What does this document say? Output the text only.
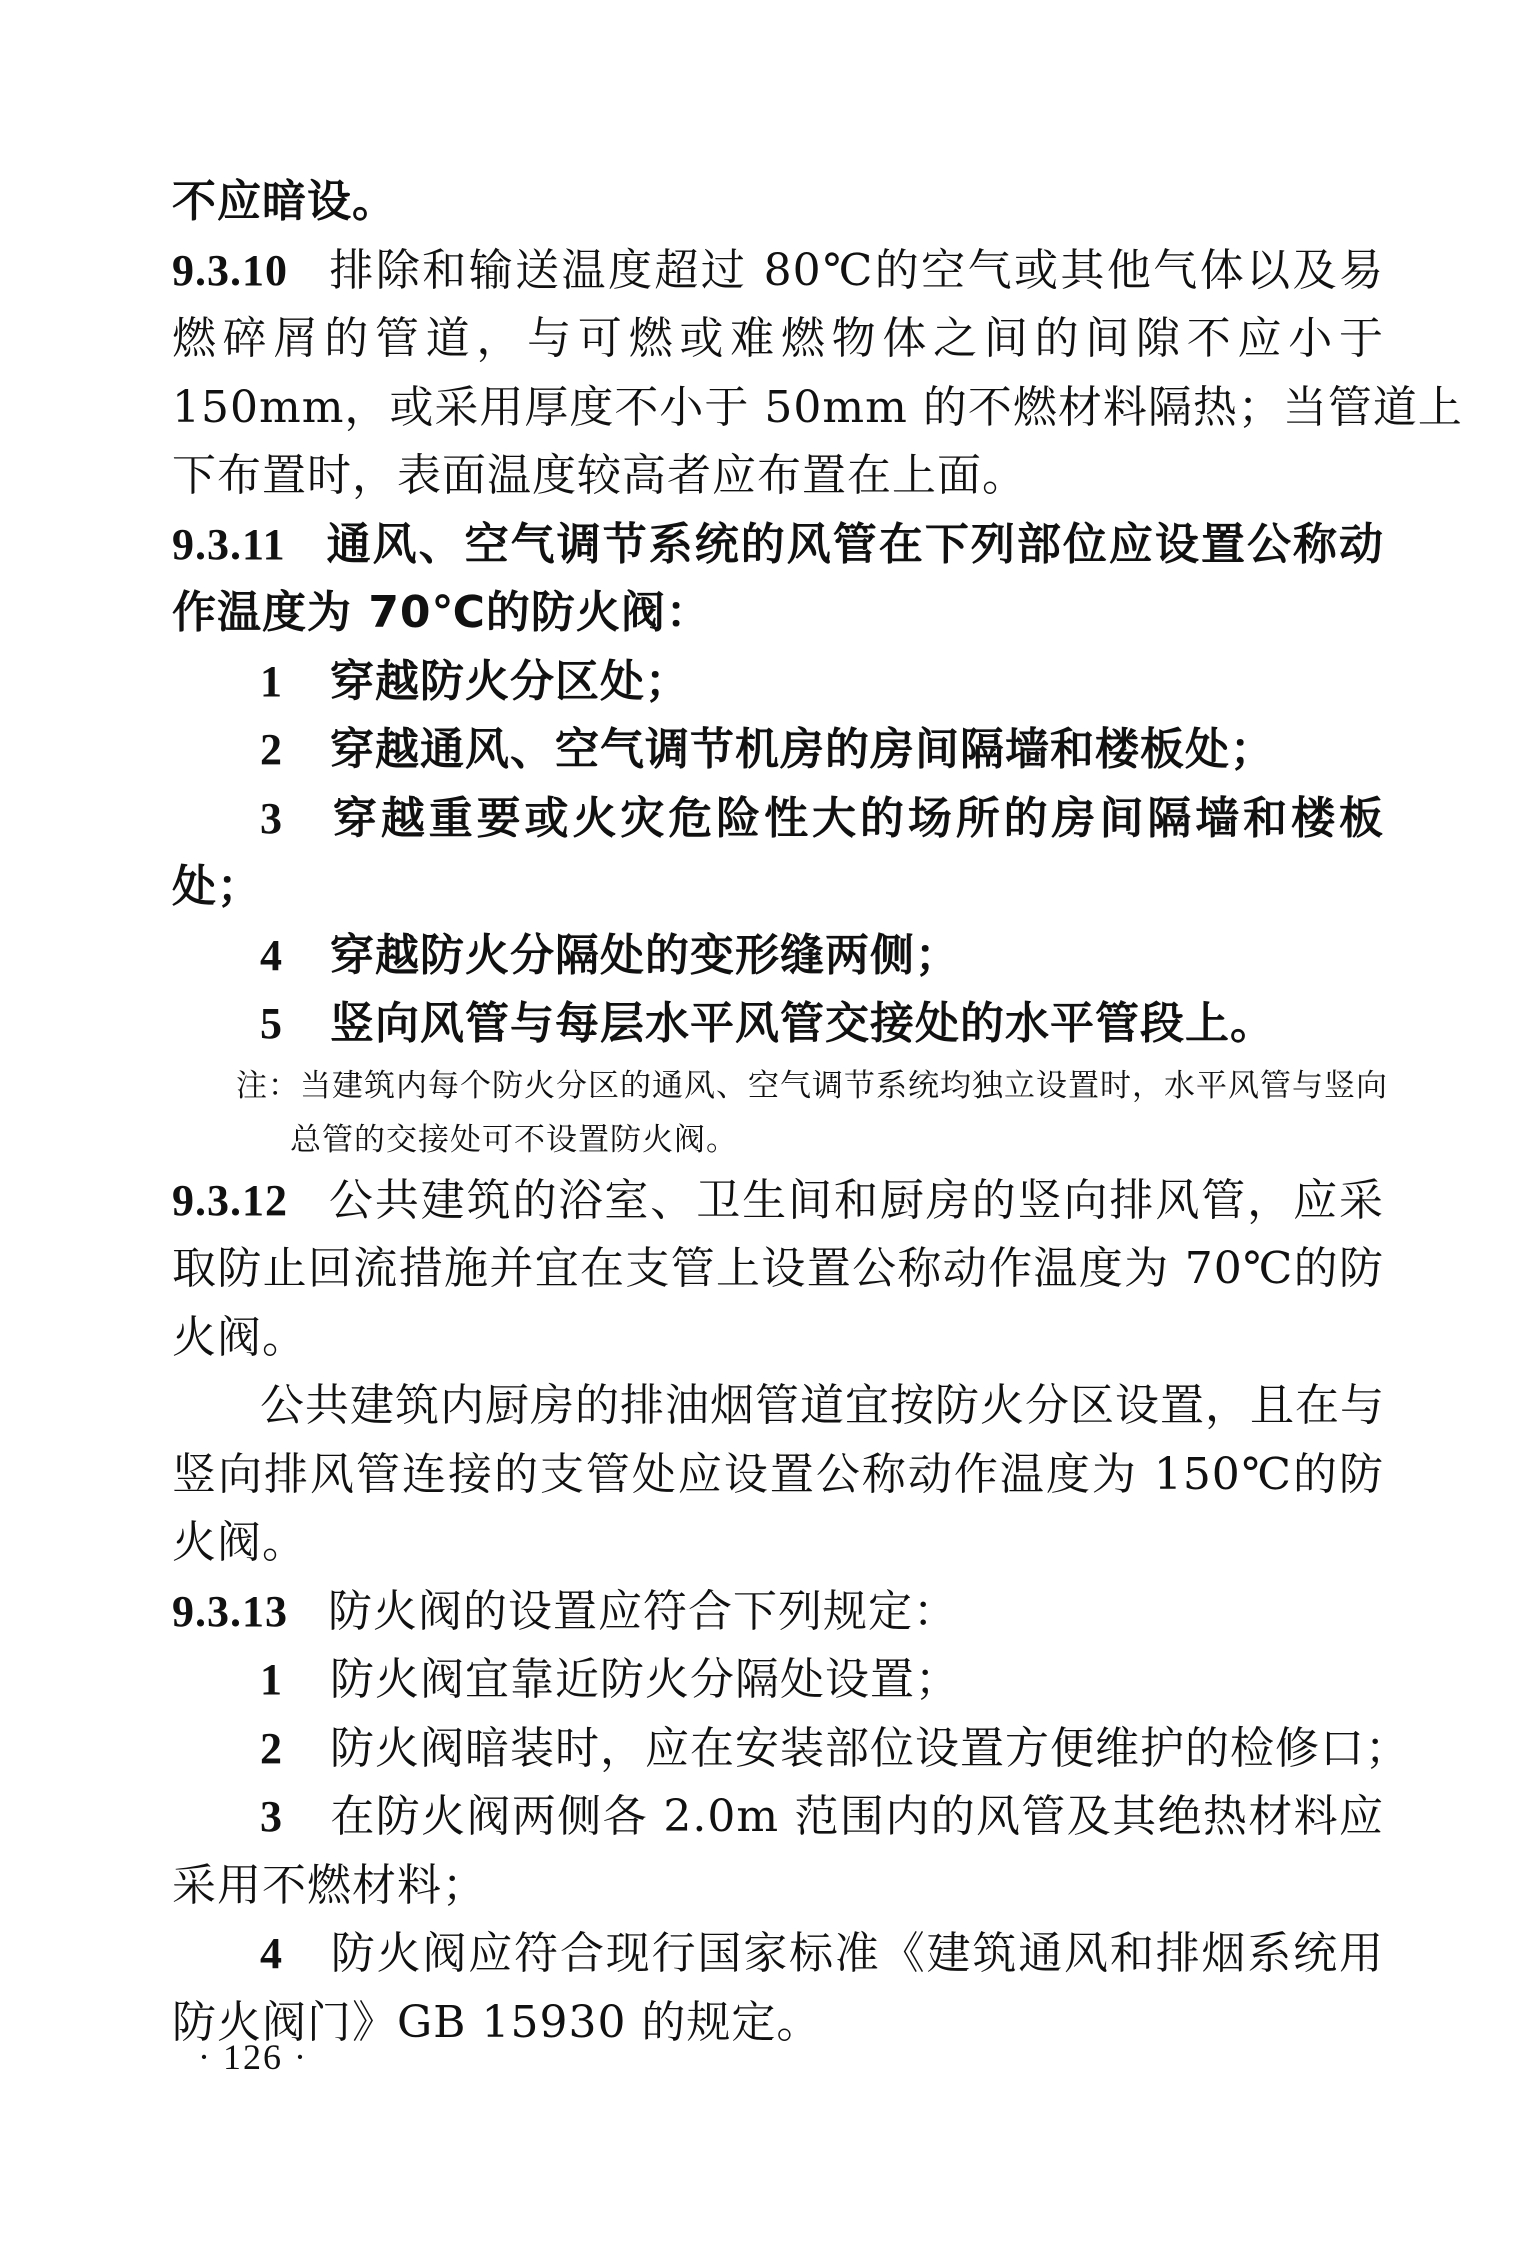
不应暗设。
9.3.10 排除和输送温度超过 80℃的空气或其他气体以及易
燃碎屑的管道，与可燃或难燃物体之间的间隙不应小于
150mm，或采用厚度不小于 50mm 的不燃材料隔热；当管道上
下布置时，表面温度较高者应布置在上面。
9.3.11 通风、空气调节系统的风管在下列部位应设置公称动
作温度为 70℃的防火阀：
1 穿越防火分区处；
2 穿越通风、空气调节机房的房间隔墙和楼板处；
3 穿越重要或火灾危险性大的场所的房间隔墙和楼板
处；
4 穿越防火分隔处的变形缝两侧；
5 竖向风管与每层水平风管交接处的水平管段上。
注：当建筑内每个防火分区的通风、空气调节系统均独立设置时，水平风管与竖向
总管的交接处可不设置防火阀。
9.3.12 公共建筑的浴室、卫生间和厨房的竖向排风管，应采
取防止回流措施并宜在支管上设置公称动作温度为 70℃的防
火阀。
公共建筑内厨房的排油烟管道宜按防火分区设置，且在与
竖向排风管连接的支管处应设置公称动作温度为 150℃的防
火阀。
9.3.13 防火阀的设置应符合下列规定：
1 防火阀宜靠近防火分隔处设置；
2 防火阀暗装时，应在安装部位设置方便维护的检修口；
3 在防火阀两侧各 2.0m 范围内的风管及其绝热材料应
采用不燃材料；
4 防火阀应符合现行国家标准《建筑通风和排烟系统用
防火阀门》GB 15930 的规定。
· 126 ·
